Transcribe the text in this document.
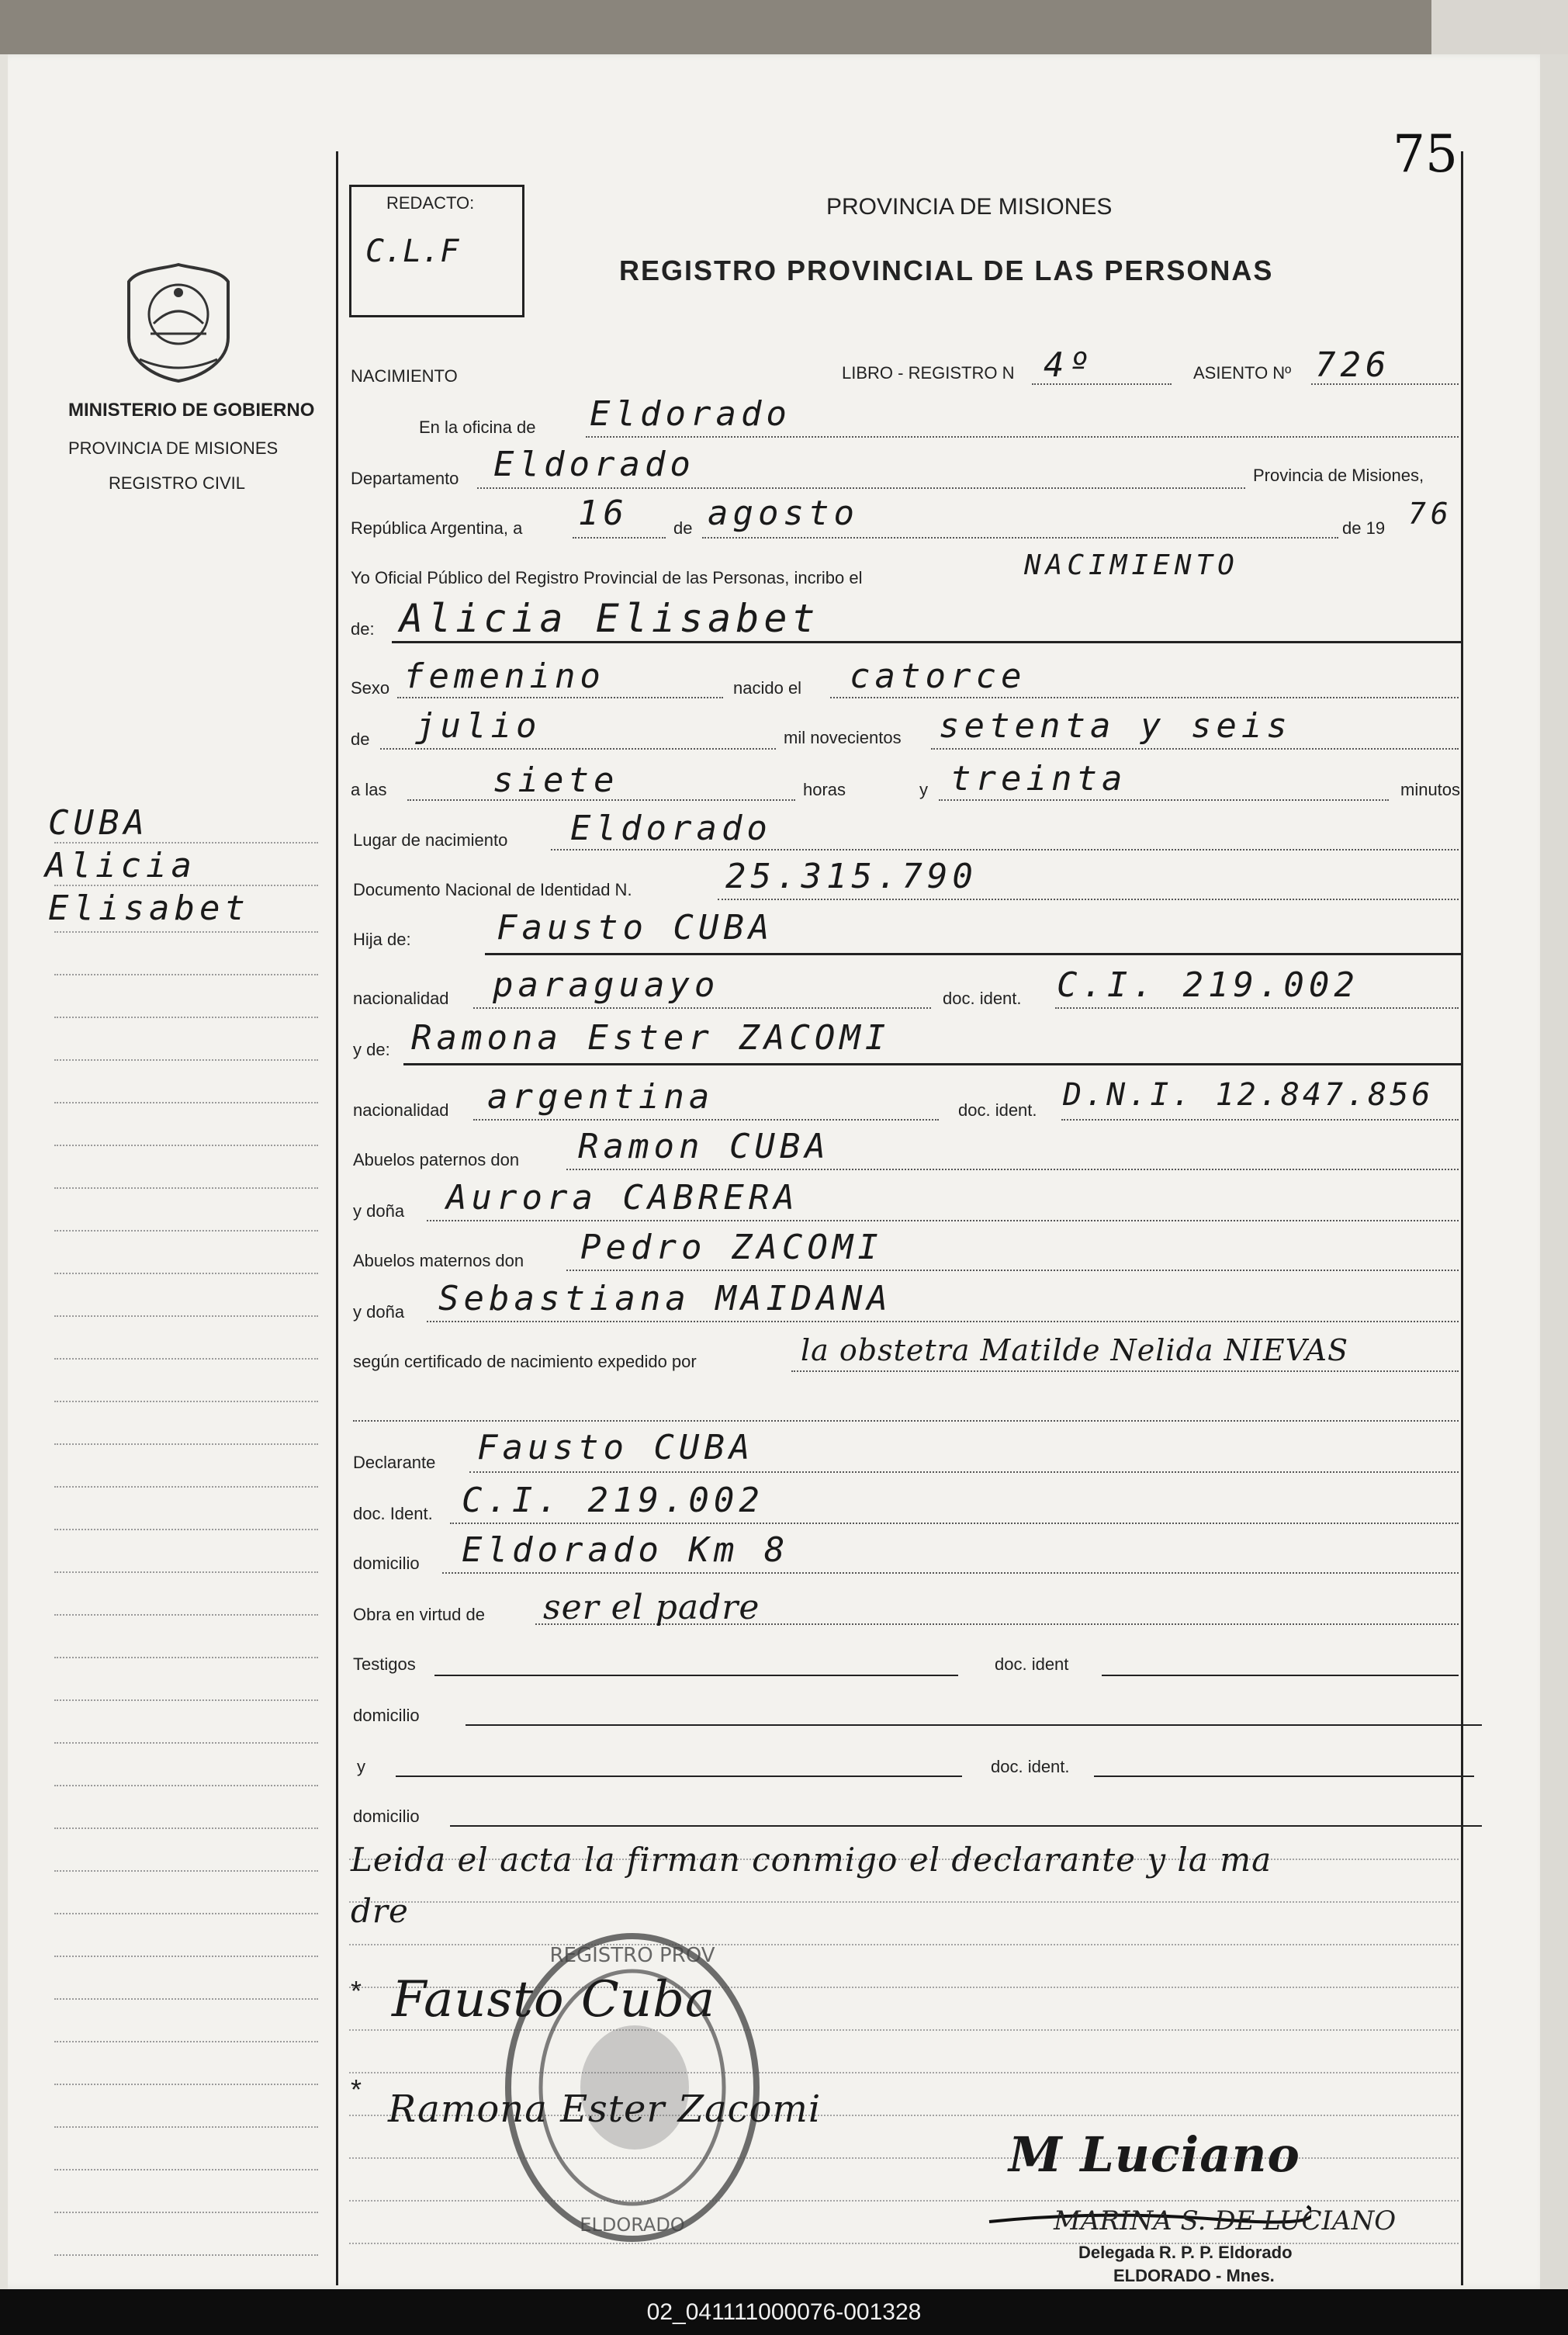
75
REDACTO:
C.L.F
PROVINCIA DE MISIONES
REGISTRO PROVINCIAL DE LAS PERSONAS
MINISTERIO DE GOBIERNO
PROVINCIA DE MISIONES
REGISTRO CIVIL
CUBA
Alicia
Elisabet
NACIMIENTO	LIBRO - REGISTRO N 4º	ASIENTO Nº 726
En la oficina de Eldorado
Departamento Eldorado	Provincia de Misiones,
República Argentina, a 16	de agosto	de 19 76
Yo Oficial Público del Registro Provincial de las Personas, incribo el	NACIMIENTO
de: Alicia Elisabet
Sexo femenino	nacido el catorce
de julio	mil novecientos setenta y seis
a las	siete	horas	y treinta	minutos
Lugar de nacimiento Eldorado
Documento Nacional de Identidad N.	25.315.790
Hija de:	Fausto CUBA
nacionalidad paraguayo	doc. ident. C.I. 219.002
y de: Ramona Ester ZACOMI
nacionalidad argentina	doc. ident. D.N.I. 12.847.856
Abuelos paternos don Ramon CUBA
y doña Aurora CABRERA
Abuelos maternos don Pedro ZACOMI
y doña Sebastiana MAIDANA
según certificado de nacimiento expedido por	la obstetra Matilde Nelida NIEVAS
Declarante Fausto CUBA
doc. Ident. C.I. 219.002
domicilio Eldorado Km 8
Obra en virtud de ser el padre
Testigos	doc. ident
domicilio
y	doc. ident.
domicilio
Leida el acta la firman conmigo el declarante y la ma
dre
REGISTRO PROV
ELDORADO
* Fausto Cuba
* Ramona Ester Zacomi
M Luciano
MARINA S. DE LUCIANO
Delegada R. P. P. Eldorado
ELDORADO - Mnes.
02_041111000076-001328
